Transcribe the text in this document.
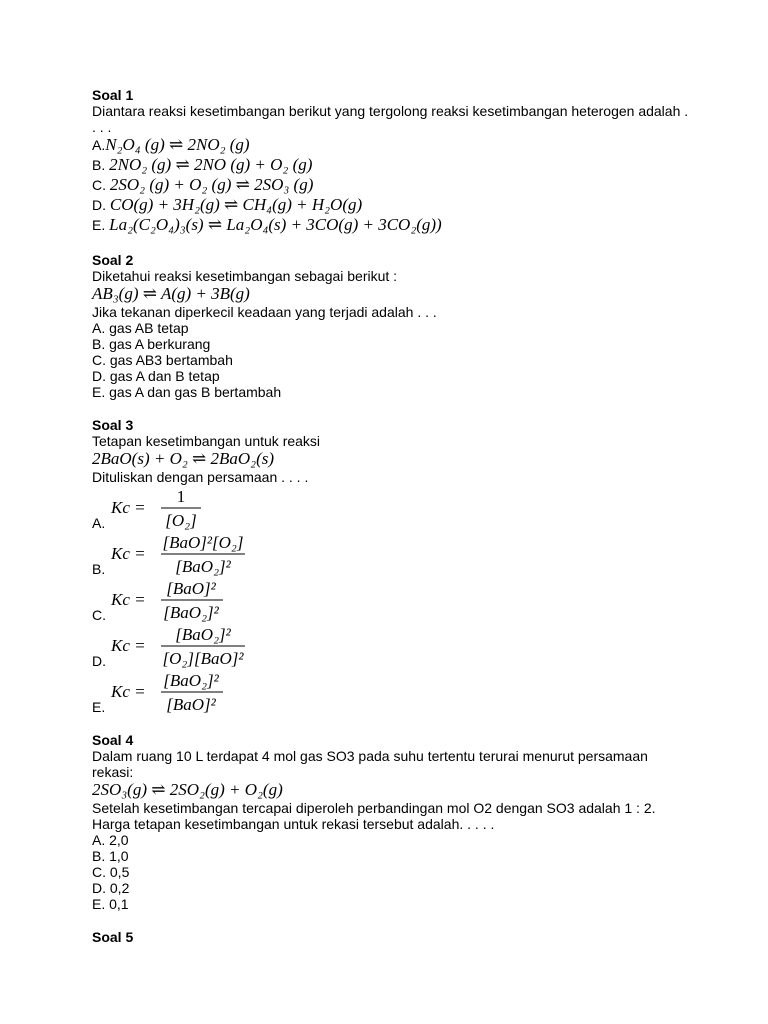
Soal 1
Diantara reaksi kesetimbangan berikut yang tergolong reaksi kesetimbangan heterogen adalah . . . .
A.N₂O₄ (g) ⇌ 2NO₂ (g)
B. 2NO₂ (g) ⇌ 2NO (g) + O₂ (g)
C. 2SO₂ (g) + O₂ (g) ⇌ 2SO₃ (g)
D. CO(g) + 3H₂(g) ⇌ CH₄(g) + H₂O(g)
E. La₂(C₂O₄)₃(s) ⇌ La₂O₄(s) + 3CO(g) + 3CO₂(g))
Soal 2
Diketahui reaksi kesetimbangan sebagai berikut :
AB₃(g) ⇌ A(g) + 3B(g)
Jika tekanan diperkecil keadaan yang terjadi adalah . . .
A. gas AB tetap
B. gas A berkurang
C. gas AB3 bertambah
D. gas A dan B tetap
E. gas A dan gas B bertambah
Soal 3
Tetapan kesetimbangan untuk reaksi
2BaO(s) + O₂ ⇌ 2BaO₂(s)
Dituliskan dengan persamaan . . . .
A.
Kc =
1
[O₂]
B.
Kc =
[BaO]²[O₂]
[BaO₂]²
C.
Kc =
[BaO]²
[BaO₂]²
D.
Kc =
[BaO₂]²
[O₂][BaO]²
E.
Kc =
[BaO₂]²
[BaO]²
Soal 4
Dalam ruang 10 L terdapat 4 mol gas SO3 pada suhu tertentu terurai menurut persamaan rekasi:
2SO₃(g) ⇌ 2SO₂(g) + O₂(g)
Setelah kesetimbangan tercapai diperoleh perbandingan mol O2 dengan SO3 adalah 1 : 2. Harga tetapan kesetimbangan untuk rekasi tersebut adalah. . . . .
A. 2,0
B. 1,0
C. 0,5
D. 0,2
E. 0,1
Soal 5
